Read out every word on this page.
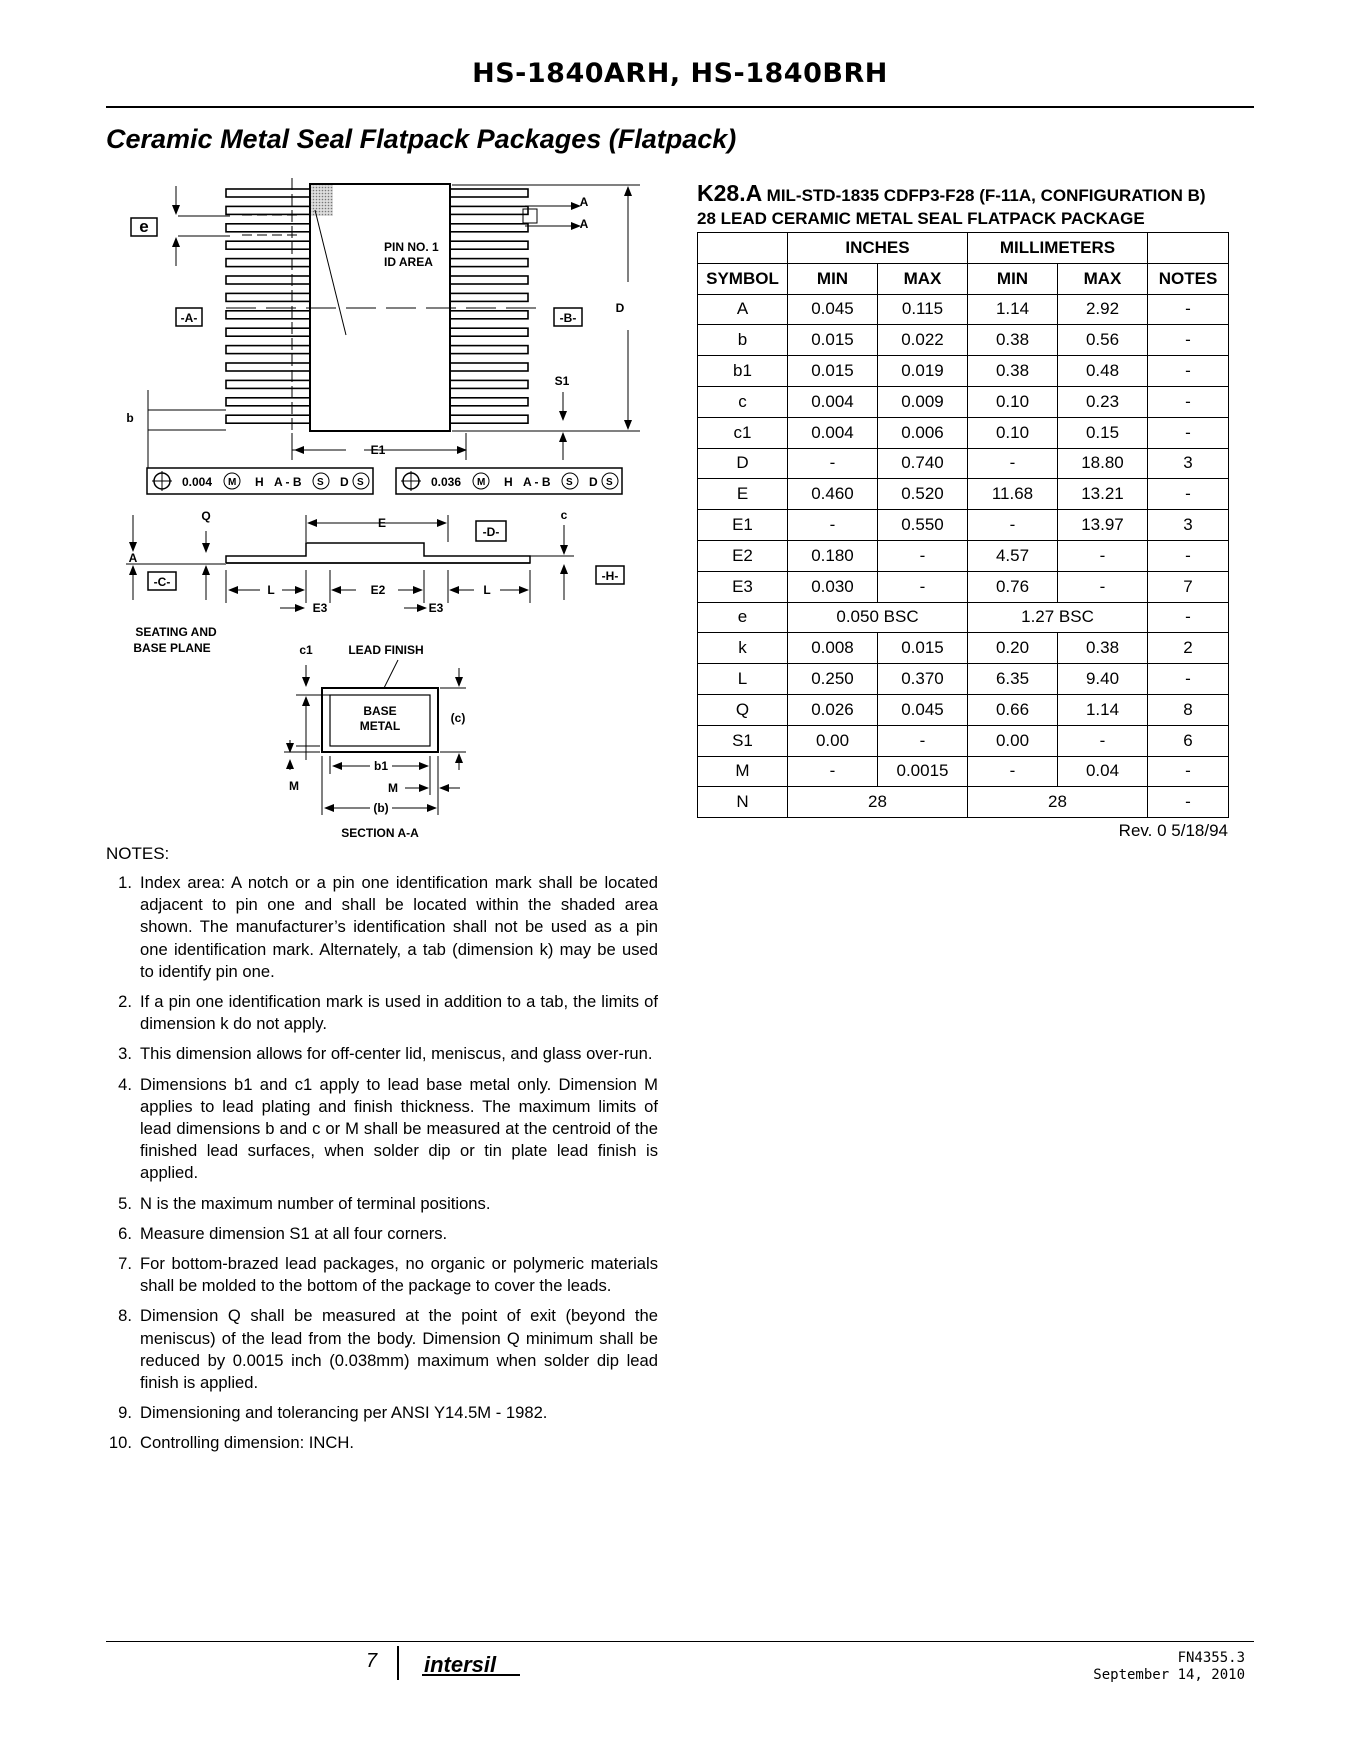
HS-1840ARH, HS-1840BRH
Ceramic Metal Seal Flatpack Packages (Flatpack)
e
-A-	-B-
D
S1
b
E1
A
A
PIN NO. 1
ID AREA
0.004 M H A - B S D S	0.036 M H A - B S D S
A
Q	E
-D-
c
-C-	-H-
L	E2	L
E3	E3
SEATING AND
BASE PLANE	c1	LEAD FINISH
BASE
METAL
(c)
b1
M	M
(b)
SECTION A-A
K28.A MIL-STD-1835 CDFP3-F28 (F-11A, CONFIGURATION B)
28 LEAD CERAMIC METAL SEAL FLATPACK PACKAGE
	INCHES		MILLIMETERS		
SYMBOL	MIN	MAX	MIN	MAX	NOTES
A	0.045	0.115	1.14	2.92	-
b	0.015	0.022	0.38	0.56	-
b1	0.015	0.019	0.38	0.48	-
c	0.004	0.009	0.10	0.23	-
c1	0.004	0.006	0.10	0.15	-
D	-	0.740	-	18.80	3
E	0.460	0.520	11.68	13.21	-
E1	-	0.550	-	13.97	3
E2	0.180	-	4.57	-	-
E3	0.030	-	0.76	-	7
e	0.050 BSC		1.27 BSC		-
k	0.008	0.015	0.20	0.38	2
L	0.250	0.370	6.35	9.40	-
Q	0.026	0.045	0.66	1.14	8
S1	0.00	-	0.00	-	6
M	-	0.0015	-	0.04	-
N	28		28		-
Rev. 0 5/18/94
NOTES:
1. Index area: A notch or a pin one identification mark shall be located adjacent to pin one and shall be located within the shaded area shown. The manufacturer’s identification shall not be used as a pin one identification mark. Alternately, a tab (dimension k) may be used to identify pin one.
2. If a pin one identification mark is used in addition to a tab, the limits of dimension k do not apply.
3. This dimension allows for off-center lid, meniscus, and glass over-run.
4. Dimensions b1 and c1 apply to lead base metal only. Dimension M applies to lead plating and finish thickness. The maximum limits of lead dimensions b and c or M shall be measured at the centroid of the finished lead surfaces, when solder dip or tin plate lead finish is applied.
5. N is the maximum number of terminal positions.
6. Measure dimension S1 at all four corners.
7. For bottom-brazed lead packages, no organic or polymeric materials shall be molded to the bottom of the package to cover the leads.
8. Dimension Q shall be measured at the point of exit (beyond the meniscus) of the lead from the body. Dimension Q minimum shall be reduced by 0.0015 inch (0.038mm) maximum when solder dip lead finish is applied.
9. Dimensioning and tolerancing per ANSI Y14.5M - 1982.
10. Controlling dimension: INCH.
7 intersil	FN4355.3
September 14, 2010
